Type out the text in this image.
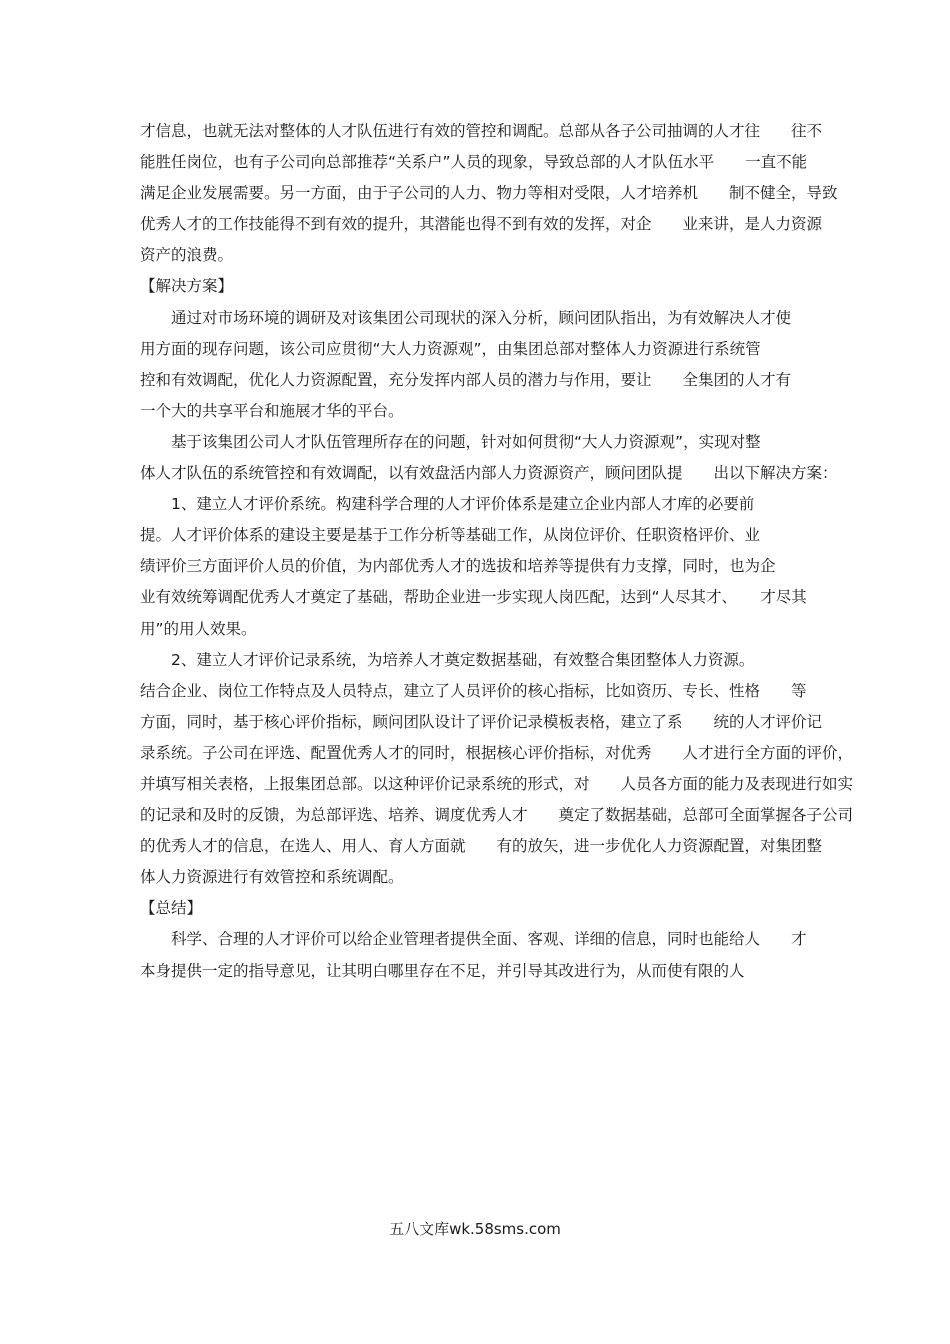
才信息，也就无法对整体的人才队伍进行有效的管控和调配。总部从各子公司抽调的人才往　　往不
能胜任岗位，也有子公司向总部推荐“关系户”人员的现象，导致总部的人才队伍水平　　一直不能
满足企业发展需要。另一方面，由于子公司的人力、物力等相对受限，人才培养机　　制不健全，导致
优秀人才的工作技能得不到有效的提升，其潜能也得不到有效的发挥，对企　　业来讲，是人力资源
资产的浪费。
【解决方案】
　　通过对市场环境的调研及对该集团公司现状的深入分析，顾问团队指出，为有效解决人才使
用方面的现存问题，该公司应贯彻“大人力资源观”，由集团总部对整体人力资源进行系统管
控和有效调配，优化人力资源配置，充分发挥内部人员的潜力与作用，要让　　全集团的人才有
一个大的共享平台和施展才华的平台。
　　基于该集团公司人才队伍管理所存在的问题，针对如何贯彻“大人力资源观”，实现对整
体人才队伍的系统管控和有效调配，以有效盘活内部人力资源资产，顾问团队提　　出以下解决方案：
　　1、建立人才评价系统。构建科学合理的人才评价体系是建立企业内部人才库的必要前
提。人才评价体系的建设主要是基于工作分析等基础工作，从岗位评价、任职资格评价、业
绩评价三方面评价人员的价值，为内部优秀人才的选拔和培养等提供有力支撑，同时，也为企
业有效统筹调配优秀人才奠定了基础，帮助企业进一步实现人岗匹配，达到“人尽其才、　　才尽其
用”的用人效果。
　　2、建立人才评价记录系统，为培养人才奠定数据基础，有效整合集团整体人力资源。
结合企业、岗位工作特点及人员特点，建立了人员评价的核心指标，比如资历、专长、性格　　等
方面，同时，基于核心评价指标，顾问团队设计了评价记录模板表格，建立了系　　统的人才评价记
录系统。子公司在评选、配置优秀人才的同时，根据核心评价指标，对优秀　　人才进行全方面的评价，
并填写相关表格，上报集团总部。以这种评价记录系统的形式，对　　人员各方面的能力及表现进行如实
的记录和及时的反馈，为总部评选、培养、调度优秀人才　　奠定了数据基础，总部可全面掌握各子公司
的优秀人才的信息，在选人、用人、育人方面就　　有的放矢，进一步优化人力资源配置，对集团整
体人力资源进行有效管控和系统调配。
【总结】
　　科学、合理的人才评价可以给企业管理者提供全面、客观、详细的信息，同时也能给人　　才
本身提供一定的指导意见，让其明白哪里存在不足，并引导其改进行为，从而使有限的人
五八文库wk.58sms.com
